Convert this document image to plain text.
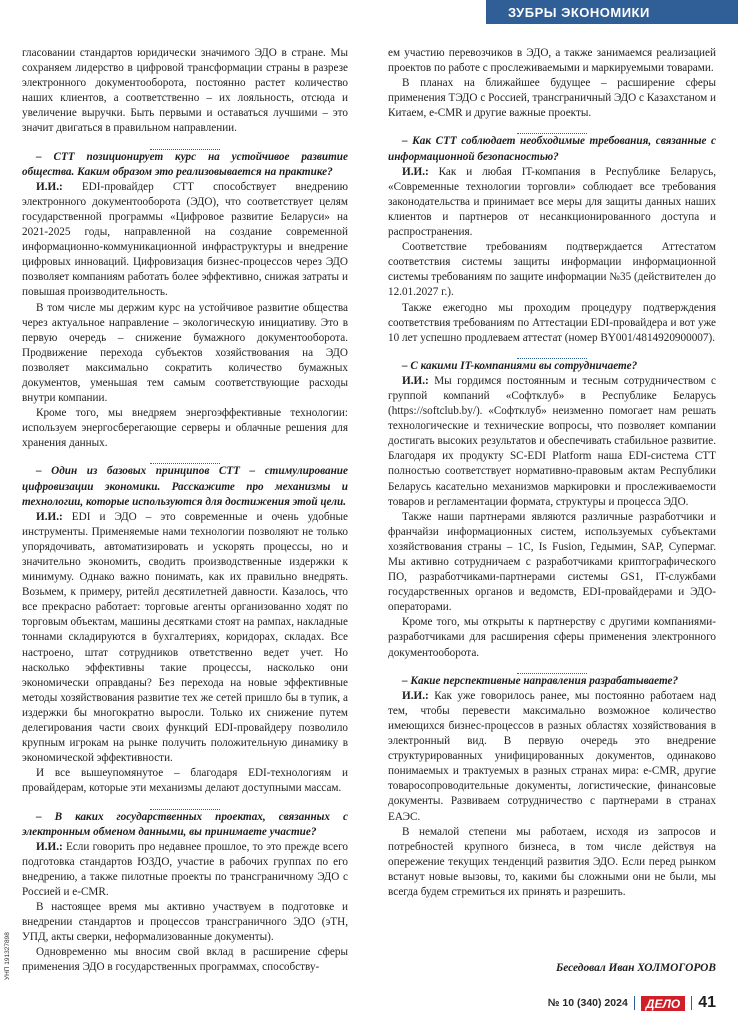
ЗУБРЫ ЭКОНОМИКИ

гласовании стандартов юридически значимого ЭДО в стране. Мы сохраняем лидерство в цифровой трансформации страны в разрезе электронного документооборота, постоянно растет количество наших клиентов, а соответственно – их лояльность, отсюда и увеличение выручки. Быть первыми и оставаться лучшими – это значит двигаться в правильном направлении.

– СТТ позиционирует курс на устойчивое развитие общества. Каким образом это реализовывается на практике?

И.И.: EDI-провайдер СТТ способствует внедрению электронного документооборота (ЭДО), что соответствует целям государственной программы «Цифровое развитие Беларуси» на 2021-2025 годы, направленной на создание современной информационно-коммуникационной инфраструктуры и внедрение цифровых инноваций. Цифровизация бизнес-процессов через ЭДО позволяет компаниям работать более эффективно, снижая затраты и повышая производительность.

В том числе мы держим курс на устойчивое развитие общества через актуальное направление – экологическую инициативу. Это в первую очередь – снижение бумажного документооборота. Продвижение перехода субъектов хозяйствования на ЭДО позволяет максимально сократить количество бумажных документов, уменьшая тем самым соответствующие расходы внутри компании.

Кроме того, мы внедряем энергоэффективные технологии: используем энергосберегающие серверы и облачные решения для хранения данных.

– Один из базовых принципов СТТ – стимулирование цифровизации экономики. Расскажите про механизмы и технологии, которые используются для достижения этой цели.

И.И.: EDI и ЭДО – это современные и очень удобные инструменты. Применяемые нами технологии позволяют не только упорядочивать, автоматизировать и ускорять процессы, но и значительно экономить, сводить производственные издержки к минимуму. Однако важно понимать, как их правильно внедрять. Возьмем, к примеру, ритейл десятилетней давности. Казалось, что все прекрасно работает: торговые агенты организованно ходят по торговым объектам, машины десятками стоят на рампах, накладные тоннами складируются в бухгалтериях, коридорах, складах. Все настроено, штат сотрудников ответственно ведет учет. Но насколько эффективны такие процессы, насколько они экономически оправданы? Без перехода на новые эффективные методы хозяйствования развитие тех же сетей пришло бы в тупик, а издержки бы многократно выросли. Только их снижение путем делегирования части своих функций EDI-провайдеру позволило крупным игрокам на рынке получить положительную динамику в экономической эффективности.

И все вышеупомянутое – благодаря EDI-технологиям и провайдерам, которые эти механизмы делают доступными массам.

– В каких государственных проектах, связанных с электронным обменом данными, вы принимаете участие?

И.И.: Если говорить про недавнее прошлое, то это прежде всего подготовка стандартов ЮЗДО, участие в рабочих группах по его внедрению, а также пилотные проекты по трансграничному ЭДО с Россией и e-CMR.

В настоящее время мы активно участвуем в подготовке и внедрении стандартов и процессов трансграничного ЭДО (эТН, УПД, акты сверки, неформализованные документы).

Одновременно мы вносим свой вклад в расширение сферы применения ЭДО в государственных программах, способству-

ем участию перевозчиков в ЭДО, а также занимаемся реализацией проектов по работе с прослеживаемыми и маркируемыми товарами.

В планах на ближайшее будущее – расширение сферы применения ТЭДО с Россией, трансграничный ЭДО с Казахстаном и Китаем, e-CMR и другие важные проекты.

– Как СТТ соблюдает необходимые требования, связанные с информационной безопасностью?

И.И.: Как и любая IT-компания в Республике Беларусь, «Современные технологии торговли» соблюдает все требования законодательства и принимает все меры для защиты данных наших клиентов и партнеров от несанкционированного доступа и распространения.

Соответствие требованиям подтверждается Аттестатом соответствия системы защиты информации информационной системы требованиям по защите информации №35 (действителен до 12.01.2027 г.).

Также ежегодно мы проходим процедуру подтверждения соответствия требованиям по Аттестации EDI-провайдера и вот уже 10 лет успешно продлеваем аттестат (номер BY001/4814920900007).

– С какими IT-компаниями вы сотрудничаете?

И.И.: Мы гордимся постоянным и тесным сотрудничеством с группой компаний «Софтклуб» в Республике Беларусь (https://softclub.by/). «Софтклуб» неизменно помогает нам решать технологические и технические вопросы, что позволяет компании достигать высоких результатов и обеспечивать стабильное развитие. Благодаря их продукту SC-EDI Platform наша EDI-система СТТ полностью соответствует нормативно-правовым актам Республики Беларусь касательно механизмов маркировки и прослеживаемости товаров и регламентации формата, структуры и процесса ЭДО.

Также наши партнерами являются различные разработчики и франчайзи информационных систем, используемых субъектами хозяйствования страны – 1С, Is Fusion, Гедымин, SAP, Супермаг. Мы активно сотрудничаем с разработчиками криптографического ПО, разработчиками-партнерами системы GS1, IT-службами государственных органов и ведомств, EDI-провайдерами и ЭДО-операторами.

Кроме того, мы открыты к партнерству с другими компаниями-разработчиками для расширения сферы применения электронного документооборота.

– Какие перспективные направления разрабатываете?

И.И.: Как уже говорилось ранее, мы постоянно работаем над тем, чтобы перевести максимально возможное количество имеющихся бизнес-процессов в разных областях хозяйствования в электронный вид. В первую очередь это внедрение структурированных унифицированных документов, одинаково понимаемых и трактуемых в разных странах мира: e-CMR, другие товаросопроводительные документы, логистические, финансовые документы. Развиваем сотрудничество с партнерами в странах ЕАЭС.

В немалой степени мы работаем, исходя из запросов и потребностей крупного бизнеса, в том числе действуя на опережение текущих тенденций развития ЭДО. Если перед рынком встанут новые вызовы, то, какими бы сложными они не были, мы всегда будем стремиться их принять и разрешить.

Беседовал Иван ХОЛМОГОРОВ
УНП 191327898
№ 10 (340) 2024	ДЕЛО	41
